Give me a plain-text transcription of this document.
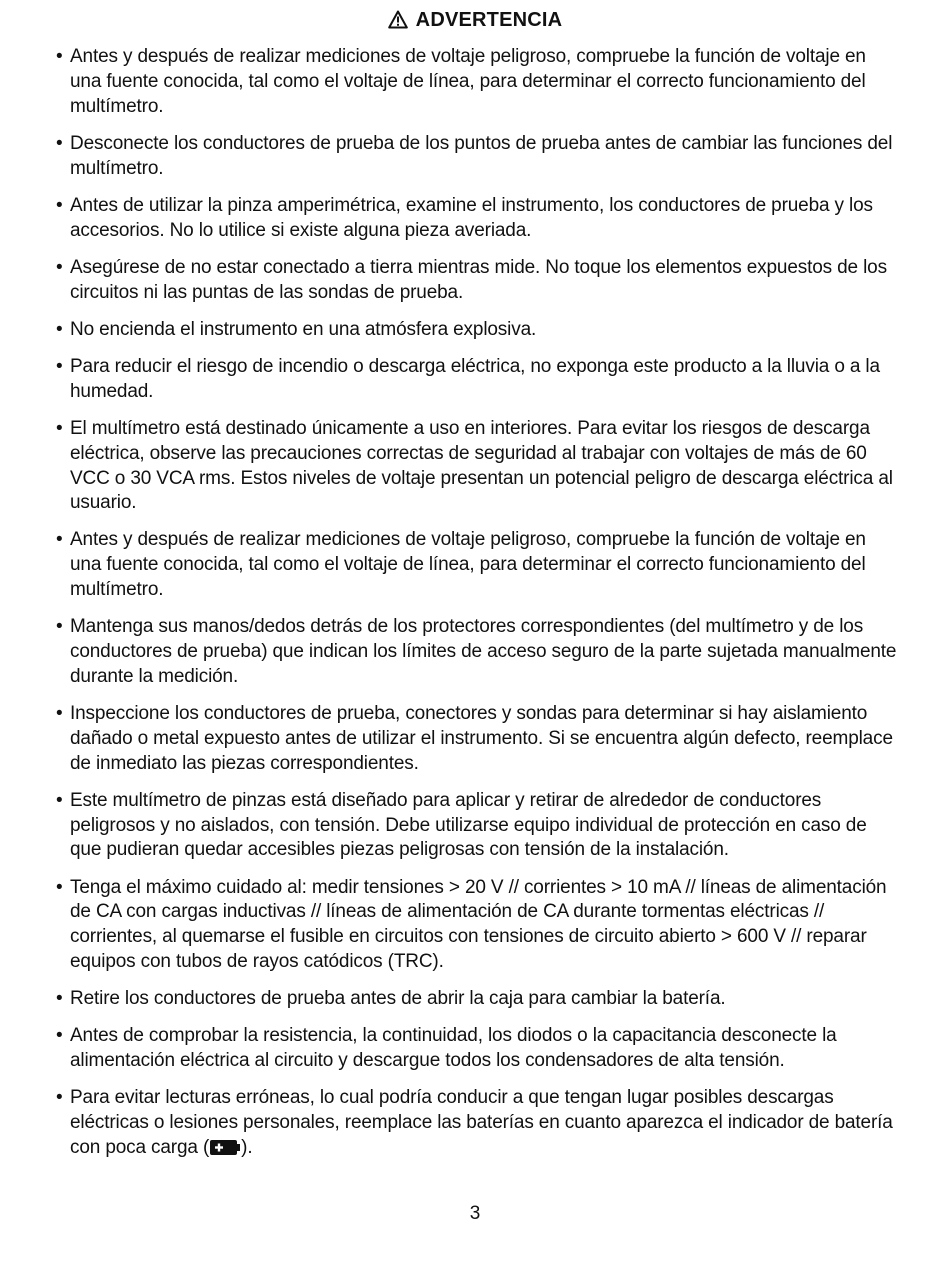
ADVERTENCIA
• Antes y después de realizar mediciones de voltaje peligroso, compruebe la función de voltaje en una fuente conocida, tal como el voltaje de línea, para determinar el correcto funcionamiento del multímetro.
• Desconecte los conductores de prueba de los puntos de prueba antes de cambiar las funciones del multímetro.
• Antes de utilizar la pinza amperimétrica, examine el instrumento, los conductores de prueba y los accesorios. No lo utilice si existe alguna pieza averiada.
• Asegúrese de no estar conectado a tierra mientras mide. No toque los elementos expuestos de los circuitos ni las puntas de las sondas de prueba.
• No encienda el instrumento en una atmósfera explosiva.
• Para reducir el riesgo de incendio o descarga eléctrica, no exponga este producto a la lluvia o a la humedad.
• El multímetro está destinado únicamente a uso en interiores. Para evitar los riesgos de descarga eléctrica, observe las precauciones correctas de seguridad al trabajar con voltajes de más de 60 VCC o 30 VCA rms. Estos niveles de voltaje presentan un potencial peligro de descarga eléctrica al usuario.
• Antes y después de realizar mediciones de voltaje peligroso, compruebe la función de voltaje en una fuente conocida, tal como el voltaje de línea, para determinar el correcto funcionamiento del multímetro.
• Mantenga sus manos/dedos detrás de los protectores correspondientes (del multímetro y de los conductores de prueba) que indican los límites de acceso seguro de la parte sujetada manualmente durante la medición.
• Inspeccione los conductores de prueba, conectores y sondas para determinar si hay aislamiento dañado o metal expuesto antes de utilizar el instrumento. Si se encuentra algún defecto, reemplace de inmediato las piezas correspondientes.
• Este multímetro de pinzas está diseñado para aplicar y retirar de alrededor de conductores peligrosos y no aislados, con tensión. Debe utilizarse equipo individual de protección en caso de que pudieran quedar accesibles piezas peligrosas con tensión de la instalación.
• Tenga el máximo cuidado al: medir tensiones > 20 V // corrientes > 10 mA // líneas de alimentación de CA con cargas inductivas // líneas de alimentación de CA durante tormentas eléctricas // corrientes, al quemarse el fusible en circuitos con tensiones de circuito abierto > 600 V // reparar equipos con tubos de rayos catódicos (TRC).
• Retire los conductores de prueba antes de abrir la caja para cambiar la batería.
• Antes de comprobar la resistencia, la continuidad, los diodos o la capacitancia desconecte la alimentación eléctrica al circuito y descargue todos los condensadores de alta tensión.
• Para evitar lecturas erróneas, lo cual podría conducir a que tengan lugar posibles descargas eléctricas o lesiones personales, reemplace las baterías en cuanto aparezca el indicador de batería con poca carga ( ).
3
